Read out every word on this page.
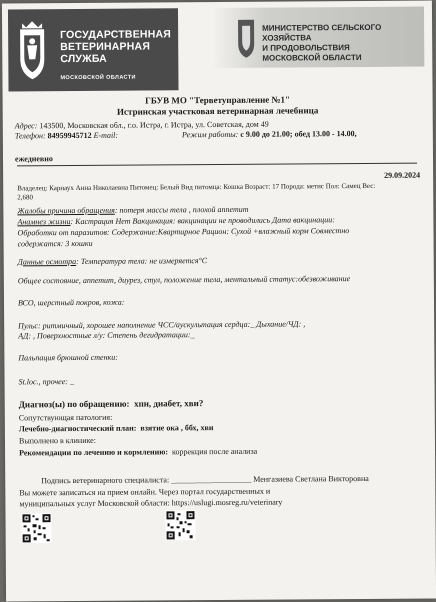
ГОСУДАРСТВЕННАЯ
ВЕТЕРИНАРНАЯ
СЛУЖБА
МОСКОВСКОЙ ОБЛАСТИ
МИНИСТЕРСТВО СЕЛЬСКОГО ХОЗЯЙСТВА
И ПРОДОВОЛЬСТВИЯ
МОСКОВСКОЙ ОБЛАСТИ
ГБУВ МО "Терветуправление №1"
Истринская участковая ветеринарная лечебница
Адрес: 143500, Московская обл., г.о. Истра, г. Истра, ул. Советская, дом 49
Телефон: 84959945712 E-mail:	Режим работы: с 9.00 до 21.00; обед 13.00 - 14.00,
ежедневно
29.09.2024
Владелец: Карнаух Анна Николаевна Питомец: Белый Вид питомца: Кошка Возраст: 17 Порода: метис Пол: Самец Вес:
2,680
Жалобы причина обращения: потеря массы тела , плохой аппетит
Анамнез жизни: Кастрация Нет Вакцинация: вакцинации не проводились Дата вакцинации:
Обработки от паразитов: Содержание:Квартирное Рацион: Сухой +влажный корм Совместно
содержатся: 3 кошки
Данные осмотра: Температура тела: не измеряется°С
Общее состояние, аппетит, диурез, стул, положение тела, ментальный статус:обезвоживание
ВСО, шерстный покров, кожа:
Пульс: ритмичный, хорошее наполнение ЧСС/аускультация сердца:_ Дыхание/ЧД: ,
АД: , Поверхностные л/у: Степень дегидратации:_
Пальпация брюшной стенки:
St.loc., прочее: _
Диагноз(ы) по обращению: хпн, диабет, хви?
Сопутствующая патология:
Лечебно-диагностический план: взятие ока , ббх, хви
Выполнено в клинике:
Рекомендации по лечению и кормлению: коррекция после анализа
Подпись ветеринарного специалиста: ____________________ Менгазиева Светлана Викторовна
Вы можете записаться на прием онлайн. Через портал государственных и
муниципальных услуг Московской области: https://uslugi.mosreg.ru/veterinary
